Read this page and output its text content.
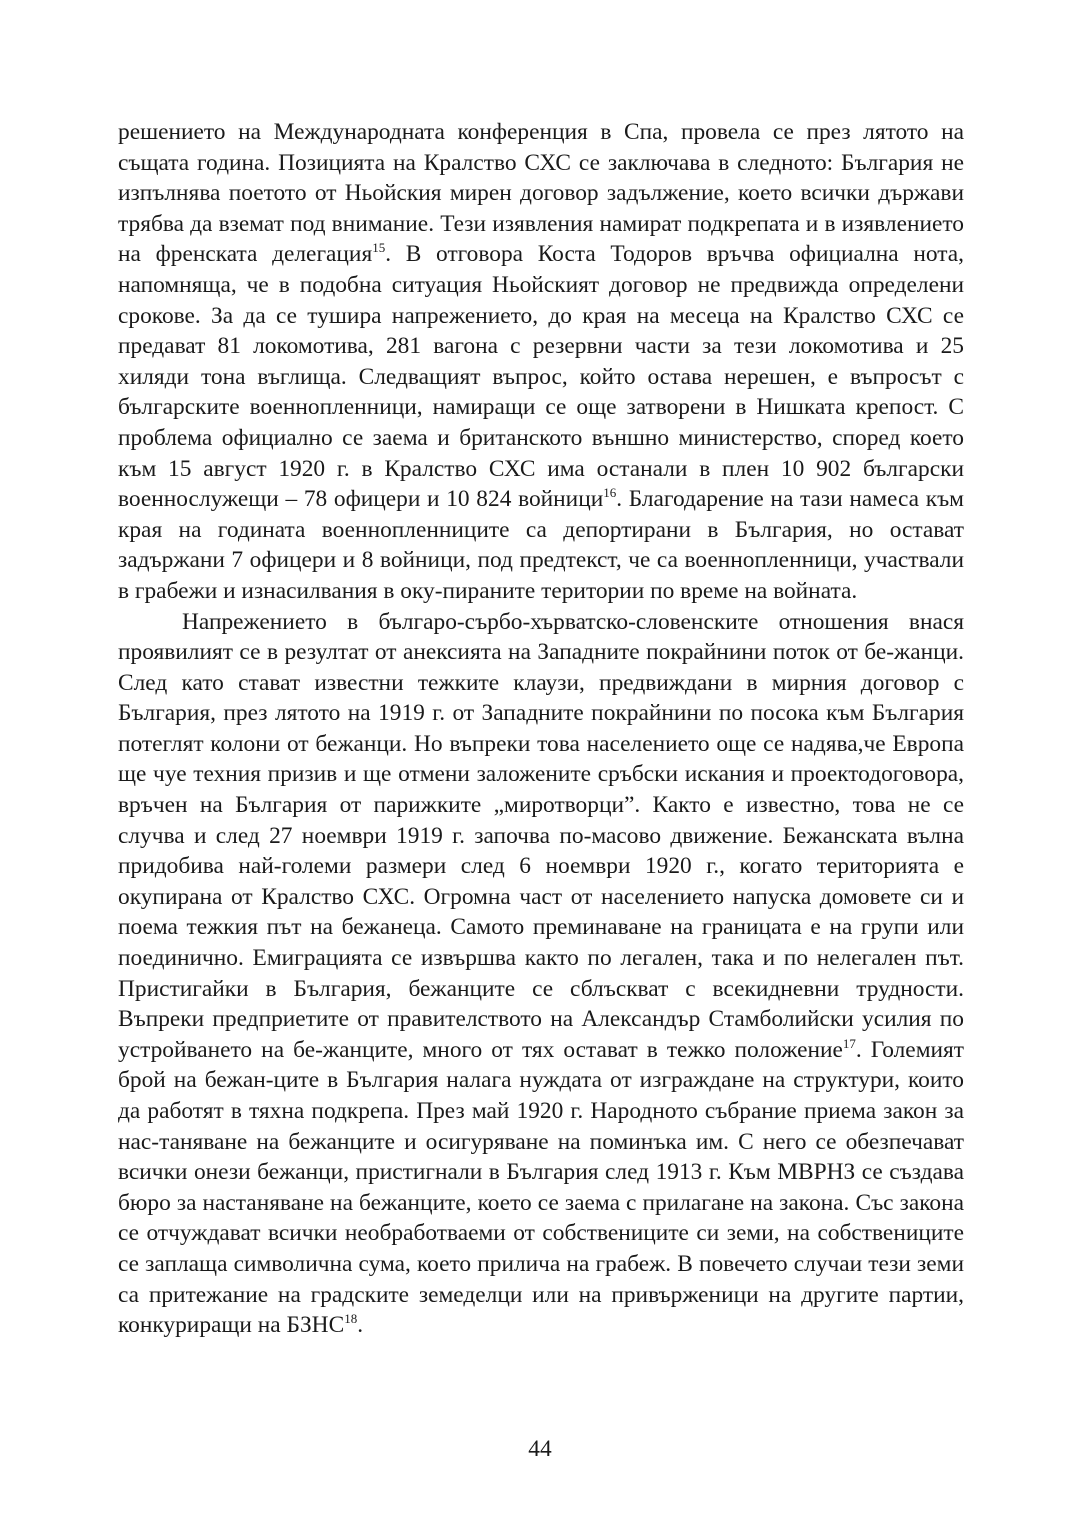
решението на Международната конференция в Спа, провела се през лятото на същата година. Позицията на Кралство СХС се заключава в следното: България не изпълнява поетото от Ньойския мирен договор задължение, което всички държави трябва да вземат под внимание. Тези изявления намират подкрепата и в изявлението на френската делегация$^{15}$. В отговора Коста Тодоров връчва официална нота, напомняща, че в подобна ситуация Ньойският договор не предвижда определени срокове. За да се тушира напрежението, до края на месеца на Кралство СХС се предават 81 локомотива, 281 вагона с резервни части за тези локомотива и 25 хиляди тона въглища. Следващият въпрос, който остава нерешен, е въпросът с българските военнопленници, намиращи се още затворени в Нишката крепост. С проблема официално се заема и британското външно министерство, според което към 15 август 1920 г. в Кралство СХС има останали в плен 10 902 български военнослужещи – 78 офицери и 10 824 войници$^{16}$. Благодарение на тази намеса към края на годината военнопленниците са депортирани в България, но остават задържани 7 офицери и 8 войници, под предтекст, че са военнопленници, участвали в грабежи и изнасилвания в оку-пираните територии по време на войната.

Напрежението в българо-сърбо-хърватско-словенските отношения внася проявилият се в резултат от анексията на Западните покрайнини поток от бе-жанци. След като стават известни тежките клаузи, предвиждани в мирния договор с България, през лятото на 1919 г. от Западните покрайнини по посока към България потеглят колони от бежанци. Но въпреки това населението още се надява,че Европа ще чуе техния призив и ще отмени заложените сръбски искания и проектодоговора, връчен на България от парижките „миротворци”. Както е известно, това не се случва и след 27 ноември 1919 г. започва по-масово движение. Бежанската вълна придобива най-големи размери след 6 ноември 1920 г., когато територията е окупирана от Кралство СХС. Огромна част от населението напуска домовете си и поема тежкия път на бежанеца. Самото преминаване на границата е на групи или поединично. Емиграцията се извършва както по легален, така и по нелегален път. Пристигайки в България, бежанците се сблъскват с всекидневни трудности. Въпреки предприетите от правителството на Александър Стамболийски усилия по устройването на бе-жанците, много от тях остават в тежко положение$^{17}$. Големият брой на бежан-ците в България налага нуждата от изграждане на структури, които да работят в тяхна подкрепа. През май 1920 г. Народното събрание приема закон за нас-таняване на бежанците и осигуряване на поминъка им. С него се обезпечават всички онези бежанци, пристигнали в България след 1913 г. Към МВРНЗ се създава бюро за настаняване на бежанците, което се заема с прилагане на закона. Със закона се отчуждават всички необработваеми от собствениците си земи, на собствениците се заплаща символична сума, което прилича на грабеж. В повечето случаи тези земи са притежание на градските земеделци или на привърженици на другите партии, конкуриращи на БЗНС$^{18}$.

44
